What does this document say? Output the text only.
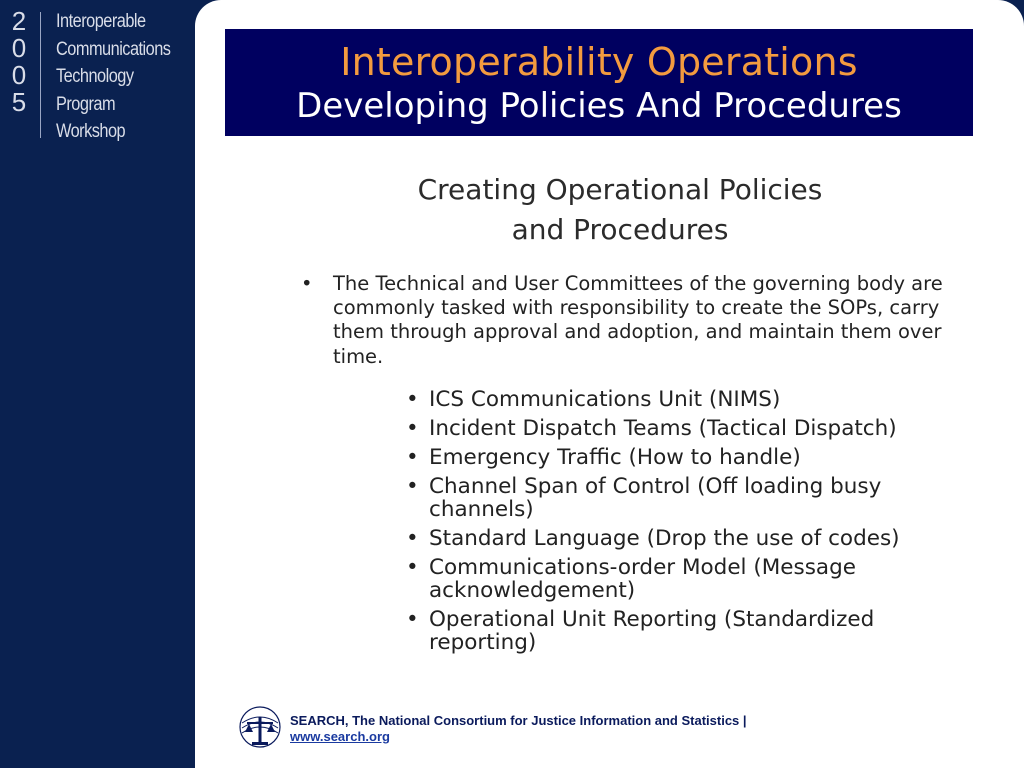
2
0
0
5
Interoperable
Communications
Technology
Program
Workshop
Interoperability Operations
Developing Policies And Procedures
Creating Operational Policies
and Procedures
• The Technical and User Committees of the governing body are commonly tasked with responsibility to create the SOPs, carry them through approval and adoption, and maintain them over time.
• ICS Communications Unit (NIMS)
• Incident Dispatch Teams (Tactical Dispatch)
• Emergency Traffic (How to handle)
• Channel Span of Control (Off loading busy channels)
• Standard Language (Drop the use of codes)
• Communications-order Model (Message acknowledgement)
• Operational Unit Reporting (Standardized reporting)
SEARCH, The National Consortium for Justice Information and Statistics |
www.search.org
